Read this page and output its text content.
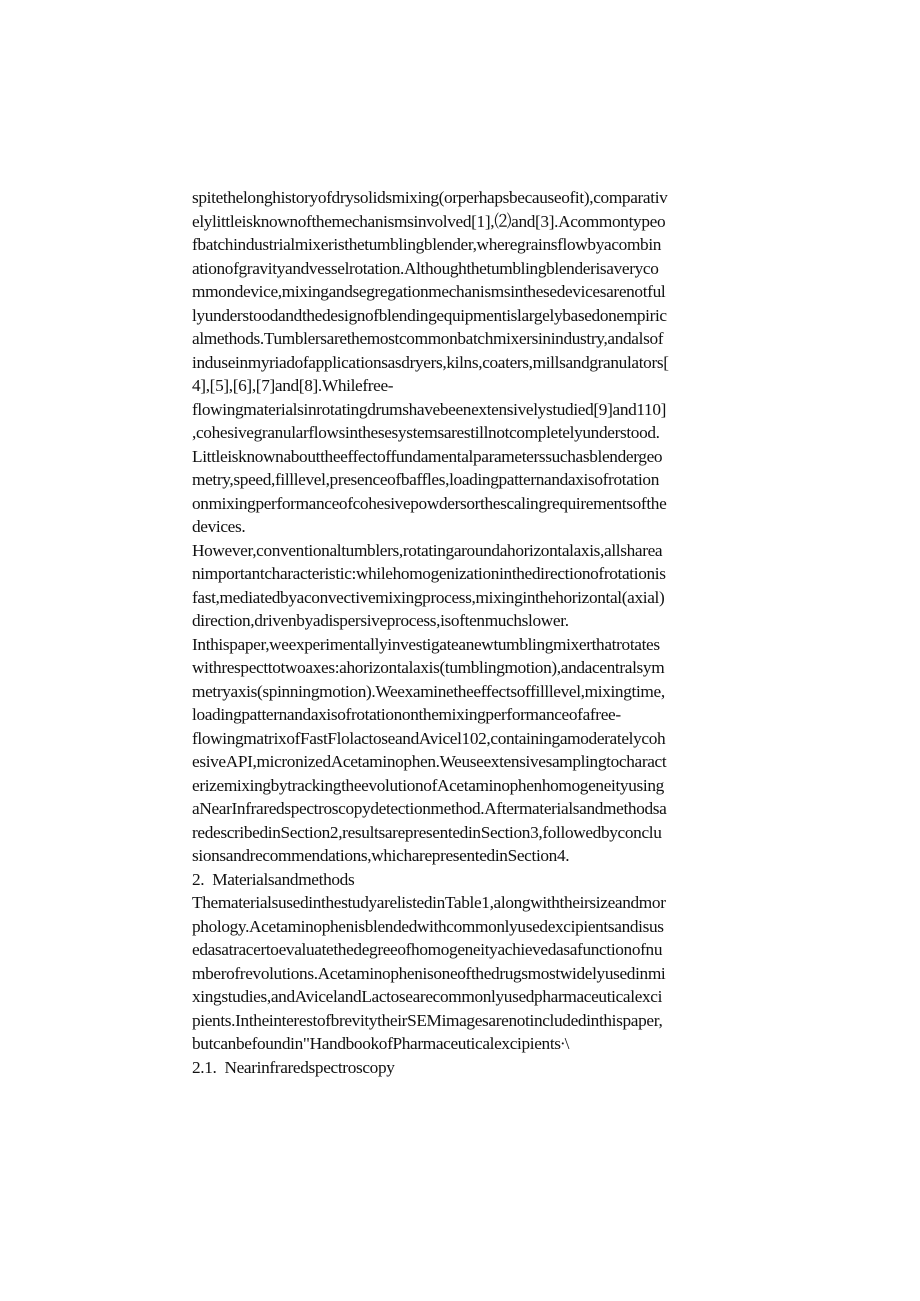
spitethelonghistoryofdrysolidsmixing(orperhapsbecauseofit),comparativ
elylittleisknownofthemechanismsinvolved[1],⑵and[3].Acommontypeo
fbatchindustrialmixeristhetumblingblender,wheregrainsflowbyacombin
ationofgravityandvesselrotation.Althoughthetumblingblenderisaveryco
mmondevice,mixingandsegregationmechanismsinthesedevicesarenotful
lyunderstoodandthedesignofblendingequipmentislargelybasedonempiric
almethods.Tumblersarethemostcommonbatchmixersinindustry,andalsof
induseinmyriadofapplicationsasdryers,kilns,coaters,millsandgranulators[
4],[5],[6],[7]and[8].Whilefree-
flowingmaterialsinrotatingdrumshavebeenextensivelystudied[9]and110]
,cohesivegranularflowsinthesesystemsarestillnotcompletelyunderstood.
Littleisknownabouttheeffectoffundamentalparameterssuchasblendergeo
metry,speed,filllevel,presenceofbaffles,loadingpatternandaxisofrotation
onmixingperformanceofcohesivepowdersorthescalingrequirementsofthe
devices.
However,conventionaltumblers,rotatingaroundahorizontalaxis,allsharea
nimportantcharacteristic:whilehomogenizationinthedirectionofrotationis
fast,mediatedbyaconvectivemixingprocess,mixinginthehorizontal(axial)
direction,drivenbyadispersiveprocess,isoftenmuchslower.
Inthispaper,weexperimentallyinvestigateanewtumblingmixerthatrotates
withrespecttotwoaxes:ahorizontalaxis(tumblingmotion),andacentralsym
metryaxis(spinningmotion).Weexaminetheeffectsoffilllevel,mixingtime,
loadingpatternandaxisofrotationonthemixingperformanceofafree-
flowingmatrixofFastFlolactoseandAvicel102,containingamoderatelycoh
esiveAPI,micronizedAcetaminophen.Weuseextensivesamplingtocharact
erizemixingbytrackingtheevolutionofAcetaminophenhomogeneityusing
aNearInfraredspectroscopydetectionmethod.Aftermaterialsandmethodsa
redescribedinSection2,resultsarepresentedinSection3,followedbyconclu
sionsandrecommendations,whicharepresentedinSection4.
2.  Materialsandmethods
ThematerialsusedinthestudyarelistedinTable1,alongwiththeirsizeandmor
phology.Acetaminophenisblendedwithcommonlyusedexcipientsandisus
edasatracertoevaluatethedegreeofhomogeneityachievedasafunctionofnu
mberofrevolutions.Acetaminophenisoneofthedrugsmostwidelyusedinmi
xingstudies,andAvicelandLactosearecommonlyusedpharmaceuticalexci
pients.IntheinterestofbrevitytheirSEMimagesarenotincludedinthispaper,
butcanbefoundin"HandbookofPharmaceuticalexcipients∙\
2.1.  Nearinfraredspectroscopy
